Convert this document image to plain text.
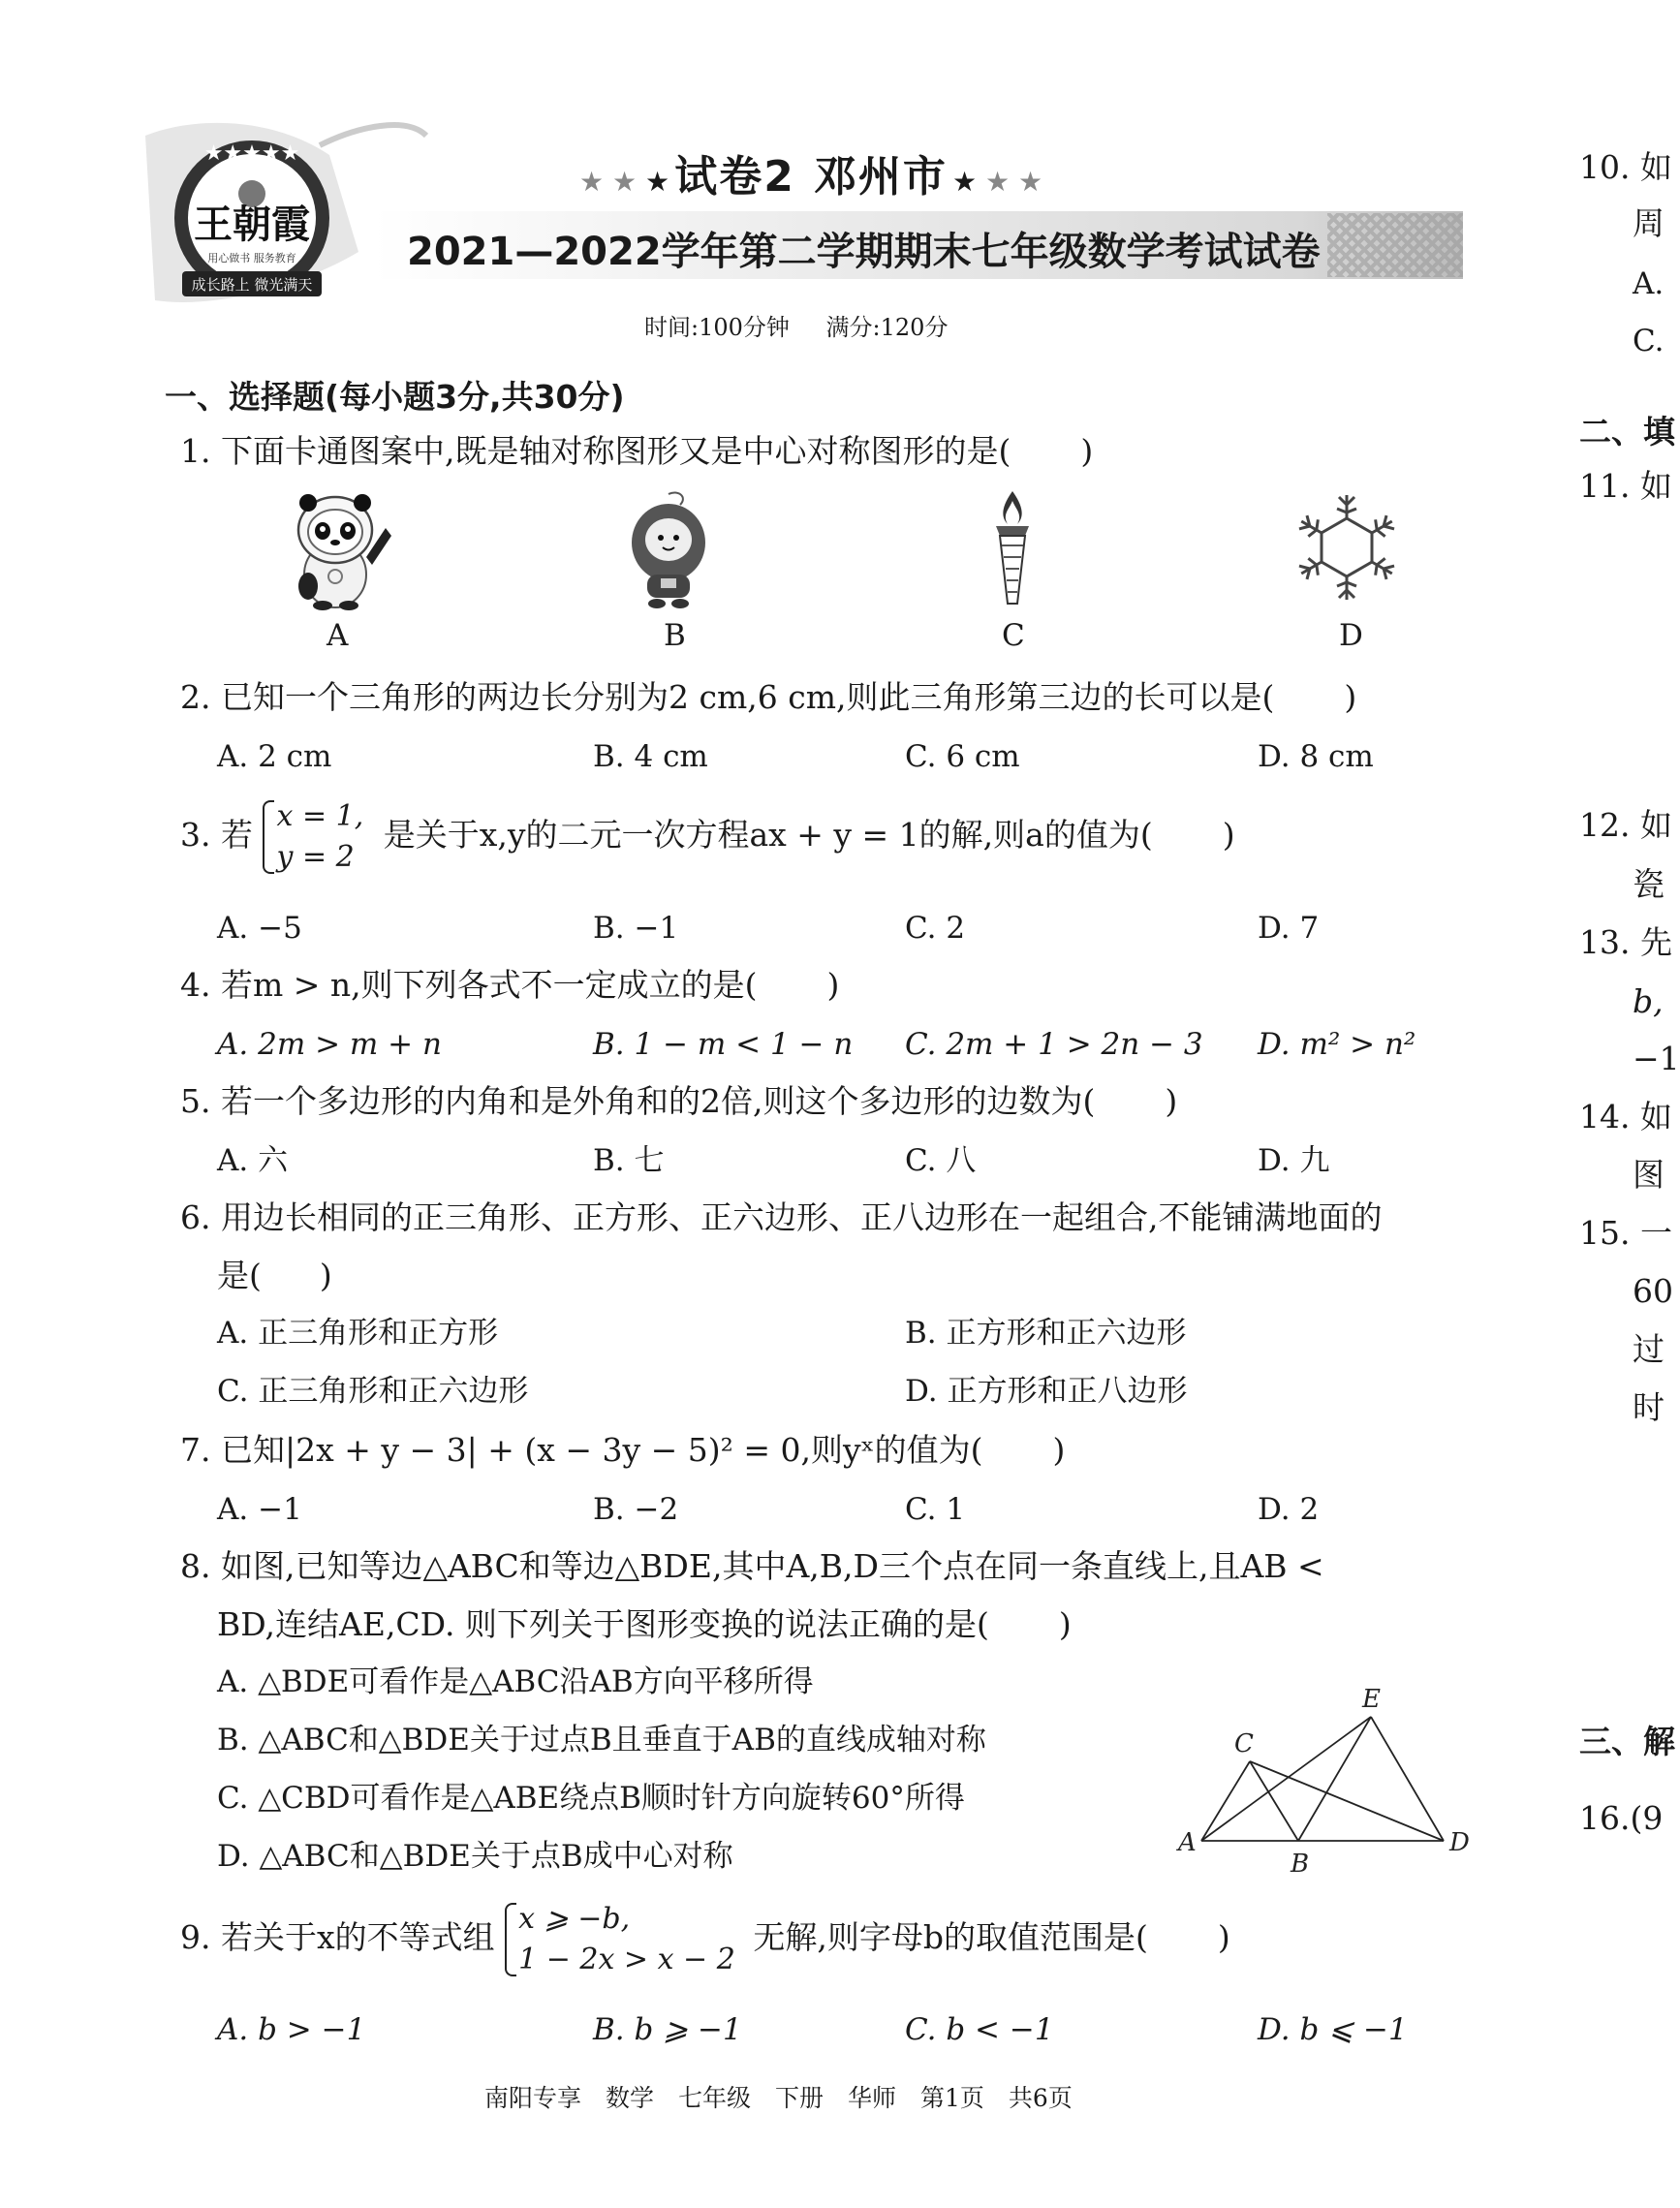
★★★★★
王朝霞
用心做书 服务教育
成长路上 微光满天
★ ★ ★ 试卷2 邓州市 ★ ★ ★
2021—2022学年第二学期期末七年级数学考试试卷
时间:100分钟 满分:120分
一、选择题(每小题3分,共30分)
1. 下面卡通图案中,既是轴对称图形又是中心对称图形的是( )
A	B	C	D
2. 已知一个三角形的两边长分别为2 cm,6 cm,则此三角形第三边的长可以是( )
A. 2 cm	B. 4 cm	C. 6 cm	D. 8 cm
3. 若 x = 1,
y = 2
是关于x,y的二元一次方程ax + y = 1的解,则a的值为( )
A. −5	B. −1	C. 2	D. 7
4. 若m > n,则下列各式不一定成立的是( )
A. 2m > m + n	B. 1 − m < 1 − n C. 2m + 1 > 2n − 3 D. m² > n²
5. 若一个多边形的内角和是外角和的2倍,则这个多边形的边数为( )
A. 六	B. 七	C. 八	D. 九
6. 用边长相同的正三角形、正方形、正六边形、正八边形在一起组合,不能铺满地面的
是( )
A. 正三角形和正方形	B. 正方形和正六边形
C. 正三角形和正六边形	D. 正方形和正八边形
7. 已知|2x + y − 3| + (x − 3y − 5)² = 0,则yˣ的值为( )
A. −1	B. −2	C. 1	D. 2
8. 如图,已知等边△ABC和等边△BDE,其中A,B,D三个点在同一条直线上,且AB <
BD,连结AE,CD. 则下列关于图形变换的说法正确的是( )
A. △BDE可看作是△ABC沿AB方向平移所得
B. △ABC和△BDE关于过点B且垂直于AB的直线成轴对称
C. △CBD可看作是△ABE绕点B顺时针方向旋转60°所得
D. △ABC和△BDE关于点B成中心对称	A
B
C
D
E
9. 若关于x的不等式组 x ⩾ −b,
1 − 2x > x − 2
无解,则字母b的取值范围是( )
A. b > −1	B. b ⩾ −1	C. b < −1	D. b ⩽ −1
南阳专享　数学　七年级　下册　华师　第1页　共6页
10. 如
周
A.
C.
二、填
11. 如
12. 如
瓷
13. 先
b,
−1
14. 如
图
15. 一
60
过
时
三、解
16.(9
